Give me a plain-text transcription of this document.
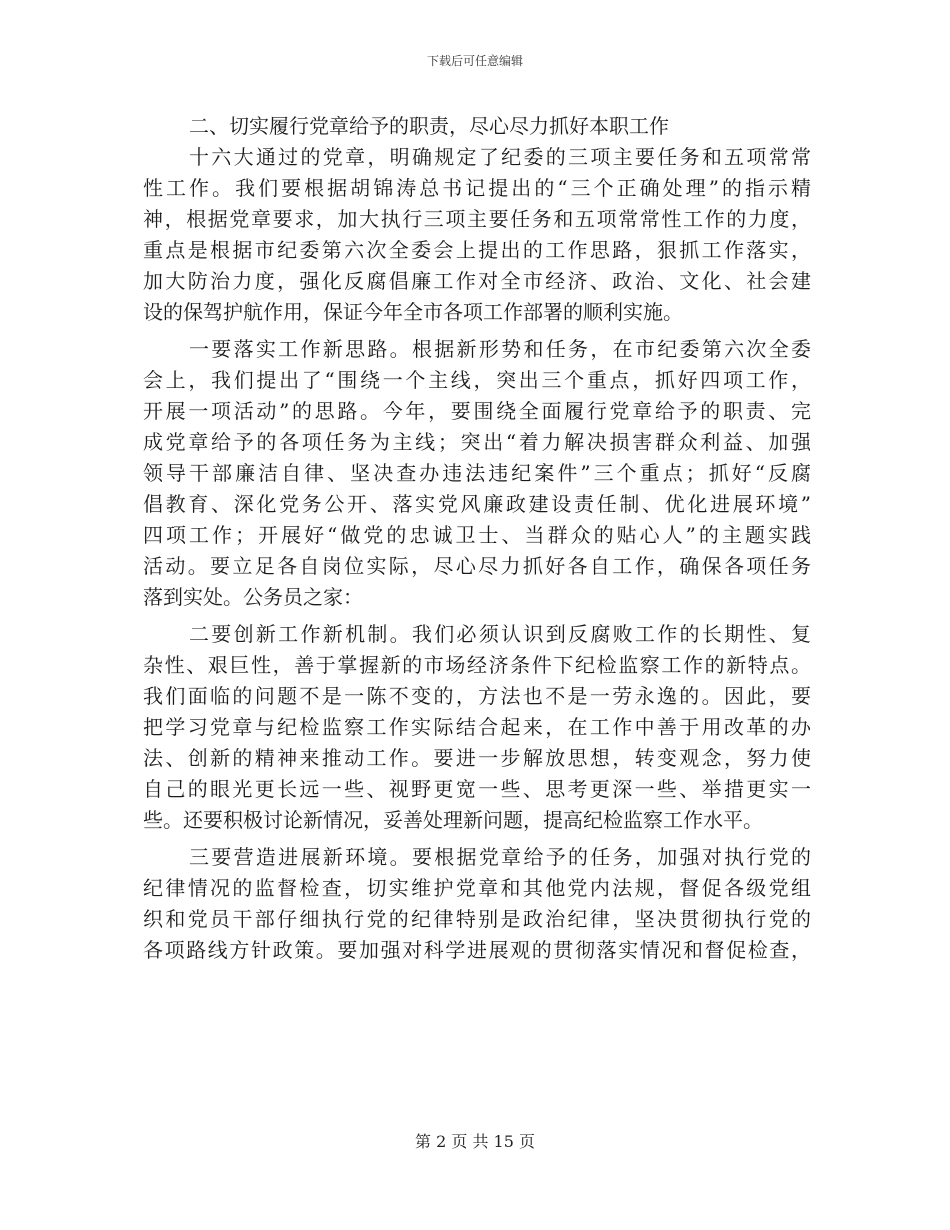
下载后可任意编辑
二、切实履行党章给予的职责，尽心尽力抓好本职工作
十六大通过的党章，明确规定了纪委的三项主要任务和五项常常
性工作。我们要根据胡锦涛总书记提出的“三个正确处理”的指示精
神，根据党章要求，加大执行三项主要任务和五项常常性工作的力度，
重点是根据市纪委第六次全委会上提出的工作思路，狠抓工作落实，
加大防治力度，强化反腐倡廉工作对全市经济、政治、文化、社会建
设的保驾护航作用，保证今年全市各项工作部署的顺利实施。
一要落实工作新思路。根据新形势和任务，在市纪委第六次全委
会上，我们提出了“围绕一个主线，突出三个重点，抓好四项工作，
开展一项活动”的思路。今年，要围绕全面履行党章给予的职责、完
成党章给予的各项任务为主线；突出“着力解决损害群众利益、加强
领导干部廉洁自律、坚决查办违法违纪案件”三个重点；抓好“反腐
倡教育、深化党务公开、落实党风廉政建设责任制、优化进展环境”
四项工作；开展好“做党的忠诚卫士、当群众的贴心人”的主题实践
活动。要立足各自岗位实际，尽心尽力抓好各自工作，确保各项任务
落到实处。公务员之家：
二要创新工作新机制。我们必须认识到反腐败工作的长期性、复
杂性、艰巨性，善于掌握新的市场经济条件下纪检监察工作的新特点。
我们面临的问题不是一陈不变的，方法也不是一劳永逸的。因此，要
把学习党章与纪检监察工作实际结合起来，在工作中善于用改革的办
法、创新的精神来推动工作。要进一步解放思想，转变观念，努力使
自己的眼光更长远一些、视野更宽一些、思考更深一些、举措更实一
些。还要积极讨论新情况，妥善处理新问题，提高纪检监察工作水平。
三要营造进展新环境。要根据党章给予的任务，加强对执行党的
纪律情况的监督检查，切实维护党章和其他党内法规，督促各级党组
织和党员干部仔细执行党的纪律特别是政治纪律，坚决贯彻执行党的
各项路线方针政策。要加强对科学进展观的贯彻落实情况和督促检查，
第 2 页 共 15 页
